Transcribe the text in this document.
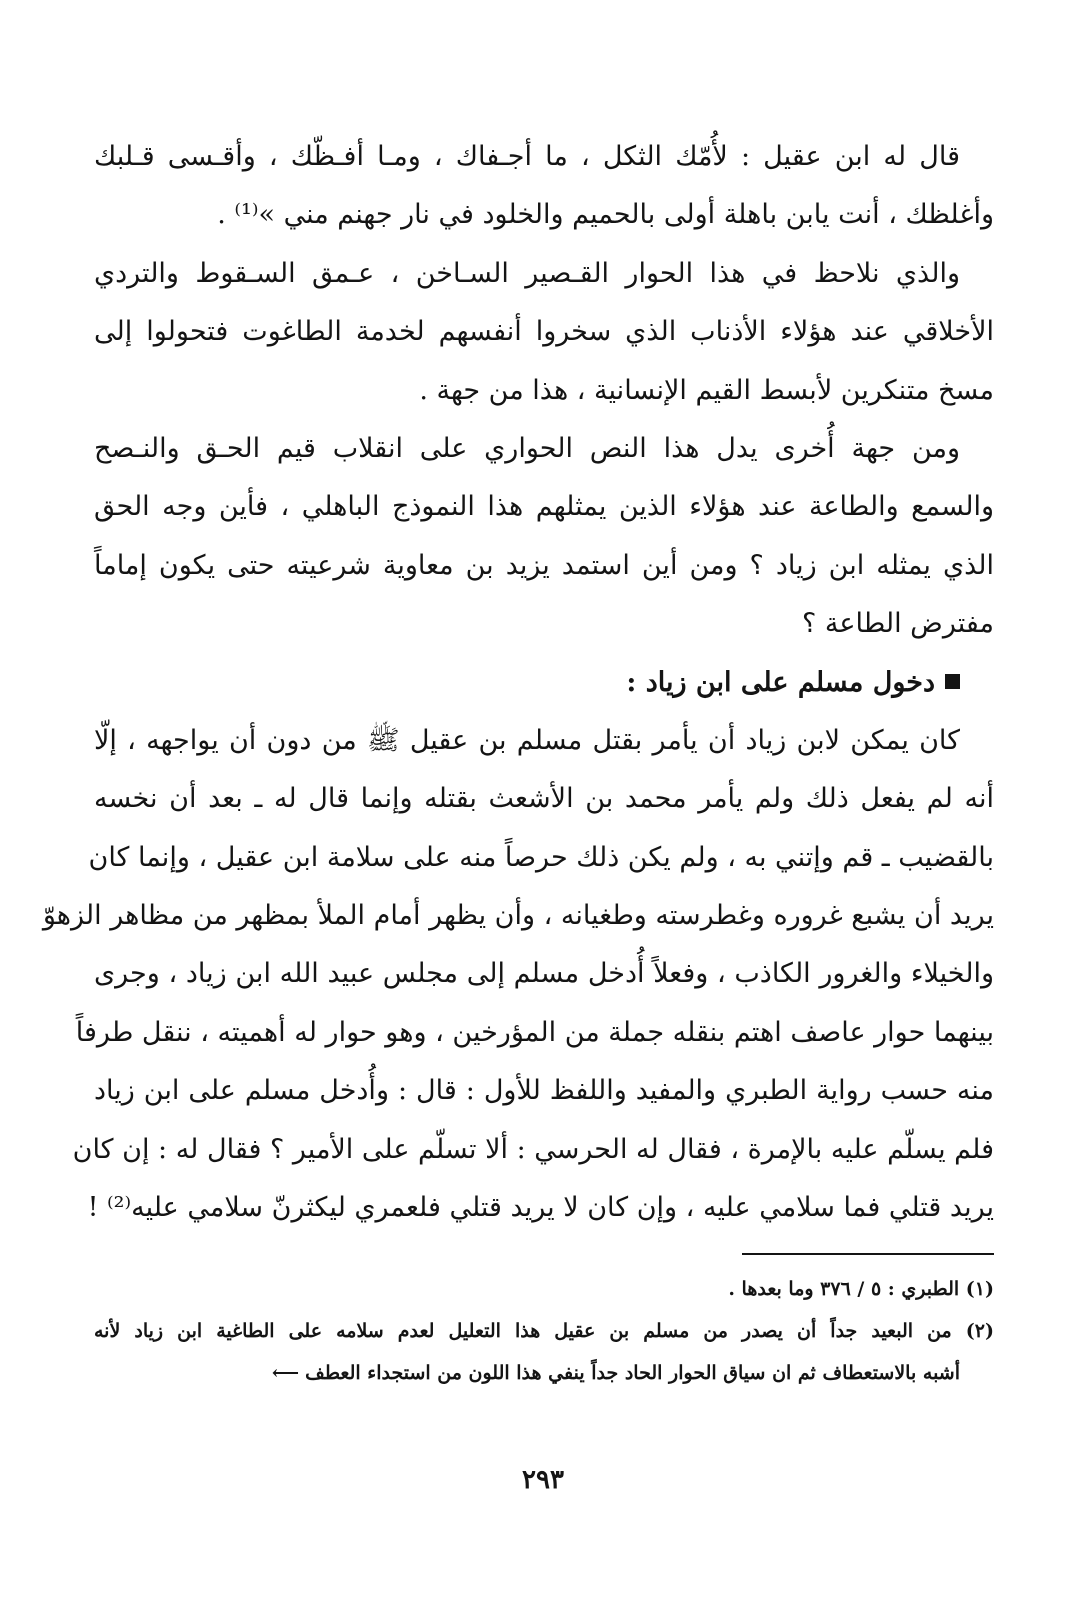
قال له ابن عقيل : لأُمّك الثكل ، ما أجـفاك ، ومـا أفـظّك ، وأقـسى قـلبك
وأغلظك ، أنت يابن باهلة أولى بالحميم والخلود في نار جهنم مني »⁽¹⁾ .
والذي نلاحظ في هذا الحوار القـصير السـاخن ، عـمق السـقوط والتردي
الأخلاقي عند هؤلاء الأذناب الذي سخروا أنفسهم لخدمة الطاغوت فتحولوا إلى
مسخ متنكرين لأبسط القيم الإنسانية ، هذا من جهة .
ومن جهة أُخرى يدل هذا النص الحواري على انقلاب قيم الحـق والنـصح
والسمع والطاعة عند هؤلاء الذين يمثلهم هذا النموذج الباهلي ، فأين وجه الحق
الذي يمثله ابن زياد ؟ ومن أين استمد يزيد بن معاوية شرعيته حتى يكون إماماً
مفترض الطاعة ؟
دخول مسلم على ابن زياد :
كان يمكن لابن زياد أن يأمر بقتل مسلم بن عقيل ﷺ من دون أن يواجهه ، إلّا
أنه لم يفعل ذلك ولم يأمر محمد بن الأشعث بقتله وإنما قال له ـ بعد أن نخسه
بالقضيب ـ قم وإتني به ، ولم يكن ذلك حرصاً منه على سلامة ابن عقيل ، وإنما كان
يريد أن يشبع غروره وغطرسته وطغيانه ، وأن يظهر أمام الملأ بمظهر من مظاهر الزهوّ
والخيلاء والغرور الكاذب ، وفعلاً أُدخل مسلم إلى مجلس عبيد الله ابن زياد ، وجرى
بينهما حوار عاصف اهتم بنقله جملة من المؤرخين ، وهو حوار له أهميته ، ننقل طرفاً
منه حسب رواية الطبري والمفيد واللفظ للأول : قال : وأُدخل مسلم على ابن زياد
فلم يسلّم عليه بالإمرة ، فقال له الحرسي : ألا تسلّم على الأمير ؟ فقال له : إن كان
يريد قتلي فما سلامي عليه ، وإن كان لا يريد قتلي فلعمري ليكثرنّ سلامي عليه⁽²⁾ !
(١) الطبري : ٥ / ٣٧٦ وما بعدها .
(٢) من البعيد جداً أن يصدر من مسلم بن عقيل هذا التعليل لعدم سلامه على الطاغية ابن زياد لأنه
أشبه بالاستعطاف ثم ان سياق الحوار الحاد جداً ينفي هذا اللون من استجداء العطف⟵
٢٩٣
